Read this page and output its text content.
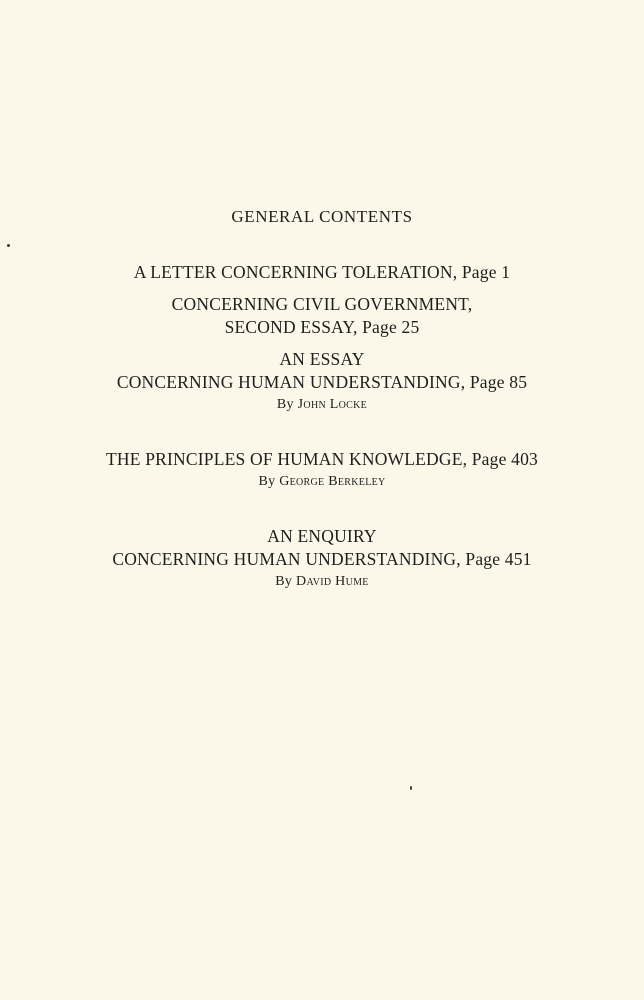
GENERAL CONTENTS

A LETTER CONCERNING TOLERATION, Page 1

CONCERNING CIVIL GOVERNMENT,

SECOND ESSAY, Page 25

AN ESSAY

CONCERNING HUMAN UNDERSTANDING, Page 85

By John Locke

THE PRINCIPLES OF HUMAN KNOWLEDGE, Page 403

By George Berkeley

AN ENQUIRY

CONCERNING HUMAN UNDERSTANDING, Page 451

By David Hume
